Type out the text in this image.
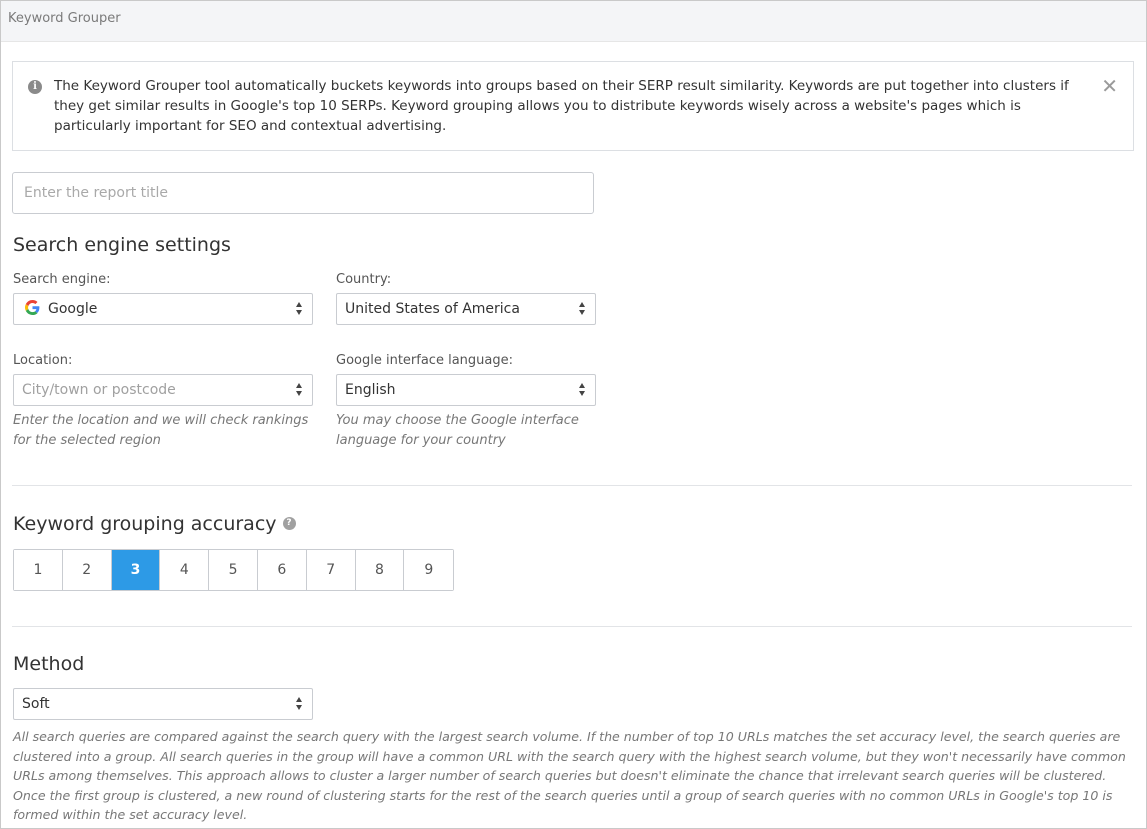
Keyword Grouper
i	The Keyword Grouper tool automatically buckets keywords into groups based on their SERP result similarity. Keywords are put together into clusters if they get similar results in Google's top 10 SERPs. Keyword grouping allows you to distribute keywords wisely across a website's pages which is particularly important for SEO and contextual advertising.
✕
Enter the report title
Search engine settings
Search engine:
Google
Country:
United States of America
Location:
City/town or postcode
Enter the location and we will check rankings for the selected region
Google interface language:
English
You may choose the Google interface language for your country
Keyword grouping accuracy ?
1	2	3	4	5	6	7	8	9
Method
Soft
All search queries are compared against the search query with the largest search volume. If the number of top 10 URLs matches the set accuracy level, the search queries are clustered into a group. All search queries in the group will have a common URL with the search query with the highest search volume, but they won't necessarily have common URLs among themselves. This approach allows to cluster a larger number of search queries but doesn't eliminate the chance that irrelevant search queries will be clustered. Once the first group is clustered, a new round of clustering starts for the rest of the search queries until a group of search queries with no common URLs in Google's top 10 is formed within the set accuracy level.
